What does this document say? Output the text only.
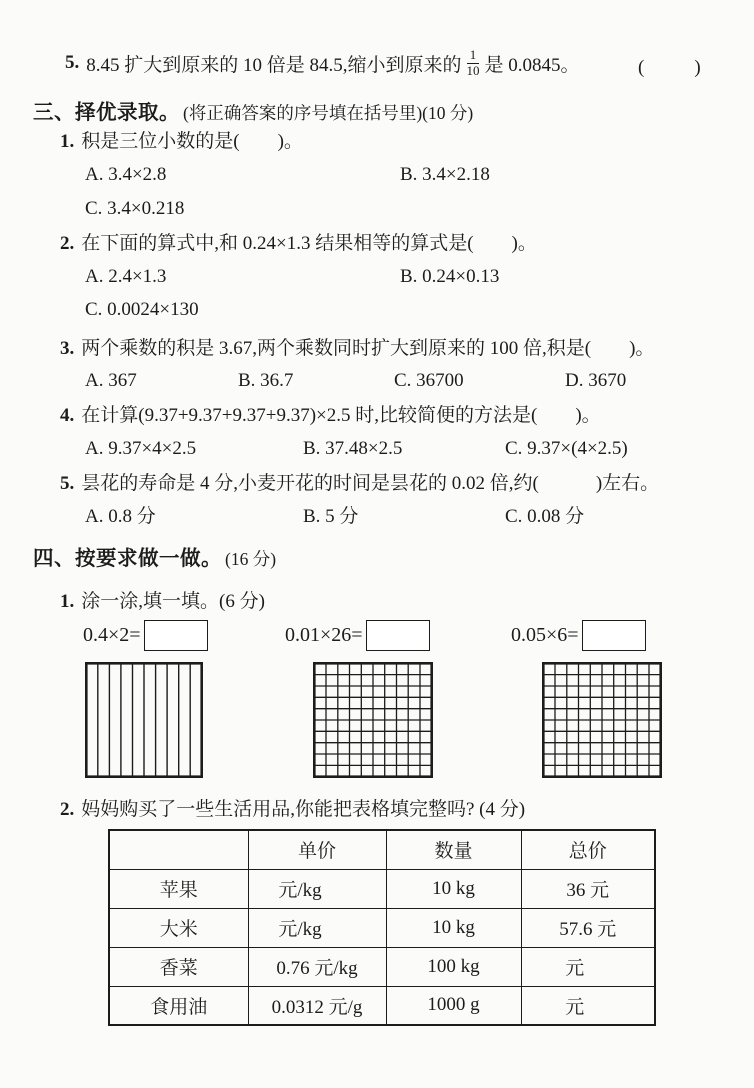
5. 8.45 扩大到原来的 10 倍是 84.5,缩小到原来的 $\frac{1}{10}$ 是 0.0845。	(　　)
三、择优录取。 (将正确答案的序号填在括号里)(10 分)
1. 积是三位小数的是(　　)。
A. 3.4×2.8	B. 3.4×2.18
C. 3.4×0.218
2. 在下面的算式中,和 0.24×1.3 结果相等的算式是(　　)。
A. 2.4×1.3	B. 0.24×0.13
C. 0.0024×130
3. 两个乘数的积是 3.67,两个乘数同时扩大到原来的 100 倍,积是(　　)。
A. 367	B. 36.7	C. 36700	D. 3670
4. 在计算(9.37+9.37+9.37+9.37)×2.5 时,比较简便的方法是(　　)。
A. 9.37×4×2.5	B. 37.48×2.5	C. 9.37×(4×2.5)
5. 昙花的寿命是 4 分,小麦开花的时间是昙花的 0.02 倍,约(　　　)左右。
A. 0.8 分	B. 5 分	C. 0.08 分
四、按要求做一做。 (16 分)
1. 涂一涂,填一填。(6 分)
0.4×2=	0.01×26=	0.05×6=
2. 妈妈购买了一些生活用品,你能把表格填完整吗? (4 分)
	单价	数量	总价
苹果	元/kg	10 kg	36 元
大米	元/kg	10 kg	57.6 元
香菜	0.76 元/kg	100 kg	元
食用油	0.0312 元/g	1000 g	元
